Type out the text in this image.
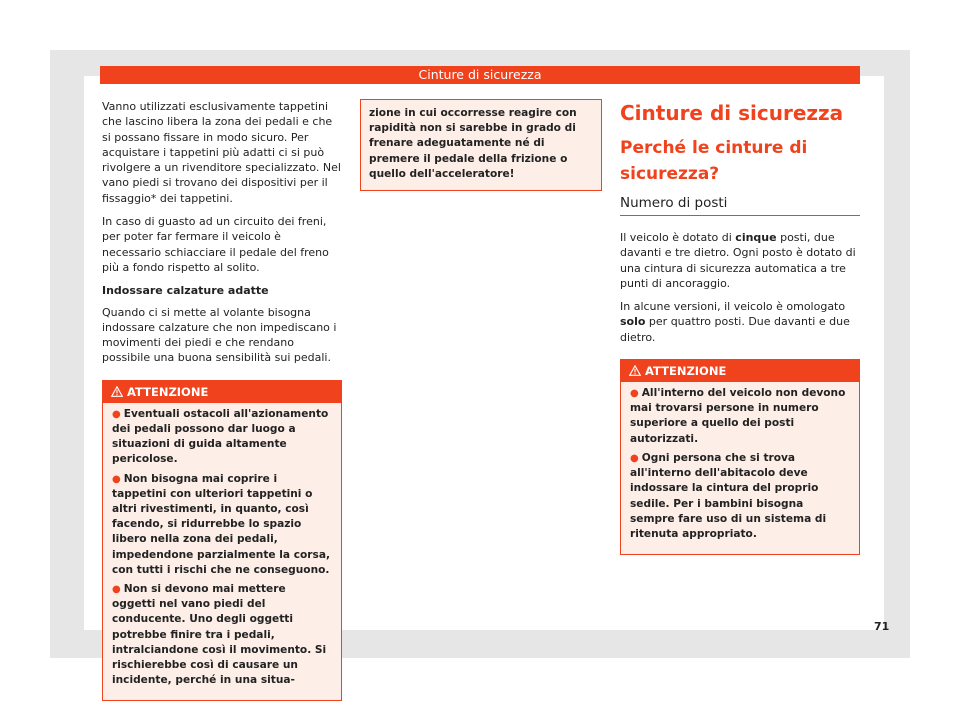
Cinture di sicurezza

Vanno utilizzati esclusivamente tappetini che lascino libera la zona dei pedali e che si possano fissare in modo sicuro. Per acquistare i tappetini più adatti ci si può rivolgere a un rivenditore specializzato. Nel vano piedi si trovano dei dispositivi per il fissaggio* dei tappetini.

In caso di guasto ad un circuito dei freni, per poter far fermare il veicolo è necessario schiacciare il pedale del freno più a fondo rispetto al solito.

Indossare calzature adatte

Quando ci si mette al volante bisogna indossare calzature che non impediscano i movimenti dei piedi e che rendano possibile una buona sensibilità sui pedali.

ATTENZIONE

● Eventuali ostacoli all'azionamento dei pedali possono dar luogo a situazioni di guida altamente pericolose.

● Non bisogna mai coprire i tappetini con ulteriori tappetini o altri rivestimenti, in quanto, così facendo, si ridurrebbe lo spazio libero nella zona dei pedali, impedendone parzialmente la corsa, con tutti i rischi che ne conseguono.

● Non si devono mai mettere oggetti nel vano piedi del conducente. Uno degli oggetti potrebbe finire tra i pedali, intralciandone così il movimento. Si rischierebbe così di causare un incidente, perché in una situa-

zione in cui occorresse reagire con rapidità non si sarebbe in grado di frenare adeguatamente né di premere il pedale della frizione o quello dell'acceleratore!
Cinture di sicurezza
Perché le cinture di sicurezza?
Numero di posti

Il veicolo è dotato di cinque posti, due davanti e tre dietro. Ogni posto è dotato di una cintura di sicurezza automatica a tre punti di ancoraggio.

In alcune versioni, il veicolo è omologato solo per quattro posti. Due davanti e due dietro.

ATTENZIONE

● All'interno del veicolo non devono mai trovarsi persone in numero superiore a quello dei posti autorizzati.

● Ogni persona che si trova all'interno dell'abitacolo deve indossare la cintura del proprio sedile. Per i bambini bisogna sempre fare uso di un sistema di ritenuta appropriato.

71
